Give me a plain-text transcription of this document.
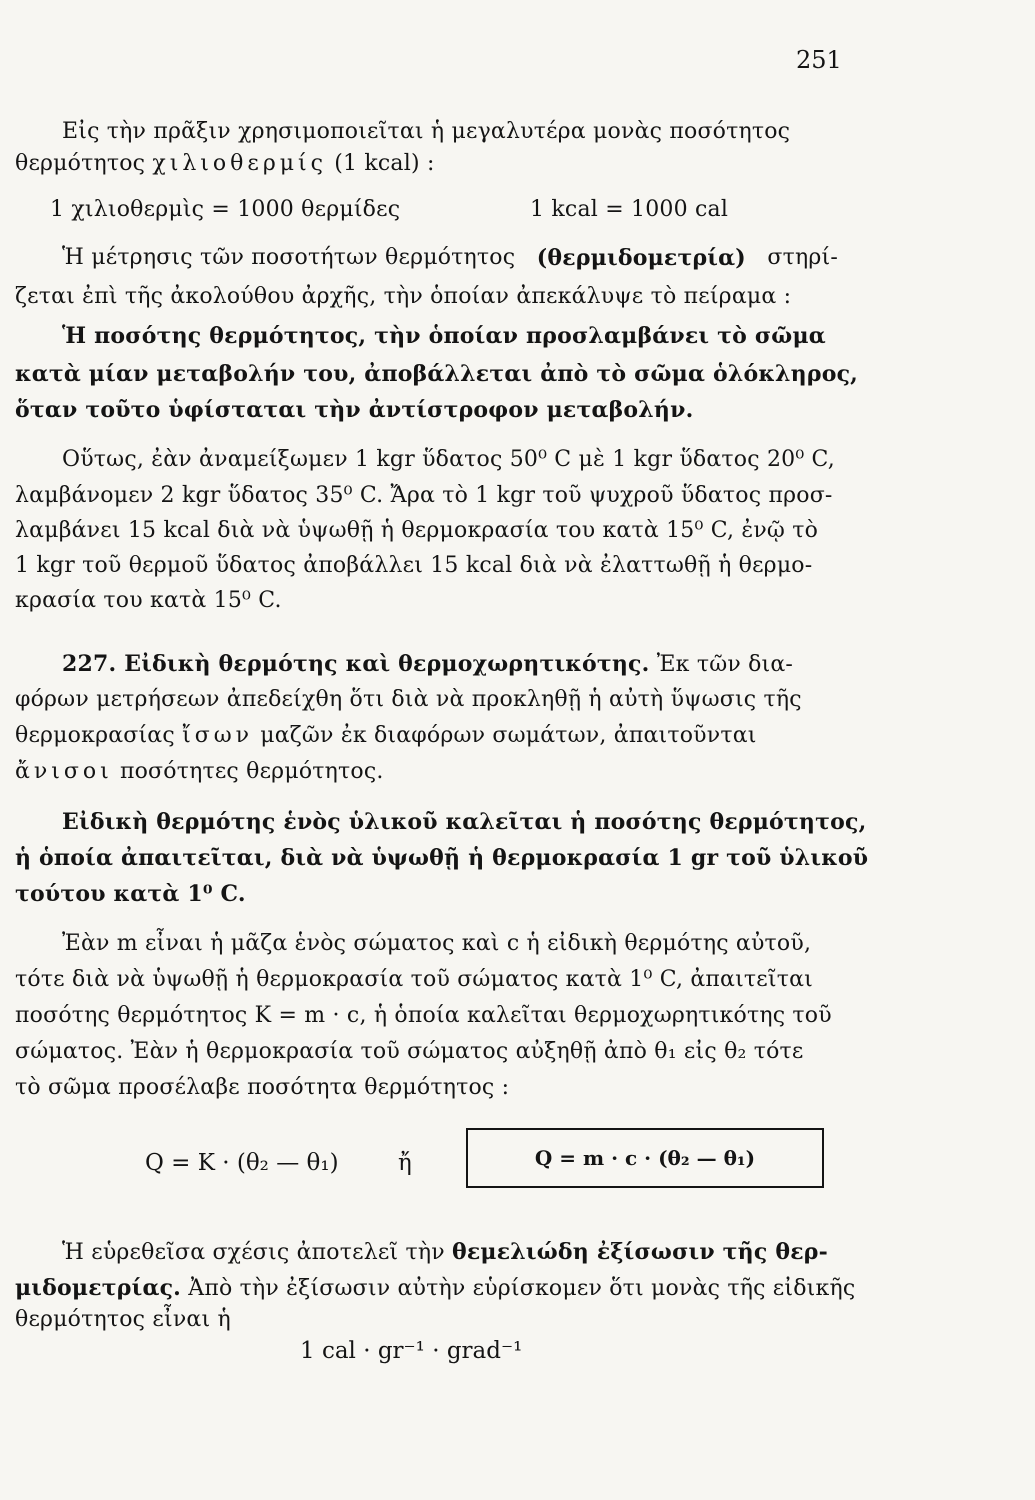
251
Εἰς τὴν πρᾶξιν χρησιμοποιεῖται ἡ μεγαλυτέρα μονὰς ποσότητος
θερμότητος χιλιοθερμίς (1 kcal) :
1 χιλιοθερμὶς = 1000 θερμίδες	1 kcal = 1000 cal
Ἡ μέτρησις τῶν ποσοτήτων θερμότητος (θερμιδομετρία) στηρί-
ζεται ἐπὶ τῆς ἀκολούθου ἀρχῆς, τὴν ὁποίαν ἀπεκάλυψε τὸ πείραμα :
Ἡ ποσότης θερμότητος, τὴν ὁποίαν προσλαμβάνει τὸ σῶμα
κατὰ μίαν μεταβολήν του, ἀποβάλλεται ἀπὸ τὸ σῶμα ὁλόκληρος,
ὅταν τοῦτο ὑφίσταται τὴν ἀντίστροφον μεταβολήν.
Οὕτως, ἐὰν ἀναμείξωμεν 1 kgr ὕδατος 50⁰ C μὲ 1 kgr ὕδατος 20⁰ C,
λαμβάνομεν 2 kgr ὕδατος 35⁰ C. Ἄρα τὸ 1 kgr τοῦ ψυχροῦ ὕδατος προσ-
λαμβάνει 15 kcal διὰ νὰ ὑψωθῇ ἡ θερμοκρασία του κατὰ 15⁰ C, ἐνῷ τὸ
1 kgr τοῦ θερμοῦ ὕδατος ἀποβάλλει 15 kcal διὰ νὰ ἐλαττωθῇ ἡ θερμο-
κρασία του κατὰ 15⁰ C.
227. Εἰδικὴ θερμότης καὶ θερμοχωρητικότης. Ἐκ τῶν δια-
φόρων μετρήσεων ἀπεδείχθη ὅτι διὰ νὰ προκληθῇ ἡ αὐτὴ ὕψωσις τῆς
θερμοκρασίας ἴσων μαζῶν ἐκ διαφόρων σωμάτων, ἀπαιτοῦνται
ἄνισοι ποσότητες θερμότητος.
Εἰδικὴ θερμότης ἑνὸς ὑλικοῦ καλεῖται ἡ ποσότης θερμότητος,
ἡ ὁποία ἀπαιτεῖται, διὰ νὰ ὑψωθῇ ἡ θερμοκρασία 1 gr τοῦ ὑλικοῦ
τούτου κατὰ 1⁰ C.
Ἐὰν m εἶναι ἡ μᾶζα ἑνὸς σώματος καὶ c ἡ εἰδικὴ θερμότης αὐτοῦ,
τότε διὰ νὰ ὑψωθῇ ἡ θερμοκρασία τοῦ σώματος κατὰ 1⁰ C, ἀπαιτεῖται
ποσότης θερμότητος K = m · c, ἡ ὁποία καλεῖται θερμοχωρητικότης τοῦ
σώματος. Ἐὰν ἡ θερμοκρασία τοῦ σώματος αὐξηθῇ ἀπὸ θ₁ εἰς θ₂ τότε
τὸ σῶμα προσέλαβε ποσότητα θερμότητος :
Q = K · (θ₂ — θ₁)	ἤ	Q = m · c · (θ₂ — θ₁)
Ἡ εὑρεθεῖσα σχέσις ἀποτελεῖ τὴν θεμελιώδη ἐξίσωσιν τῆς θερ-
μιδομετρίας. Ἀπὸ τὴν ἐξίσωσιν αὐτὴν εὑρίσκομεν ὅτι μονὰς τῆς εἰδικῆς
θερμότητος εἶναι ἡ
1 cal · gr⁻¹ · grad⁻¹
